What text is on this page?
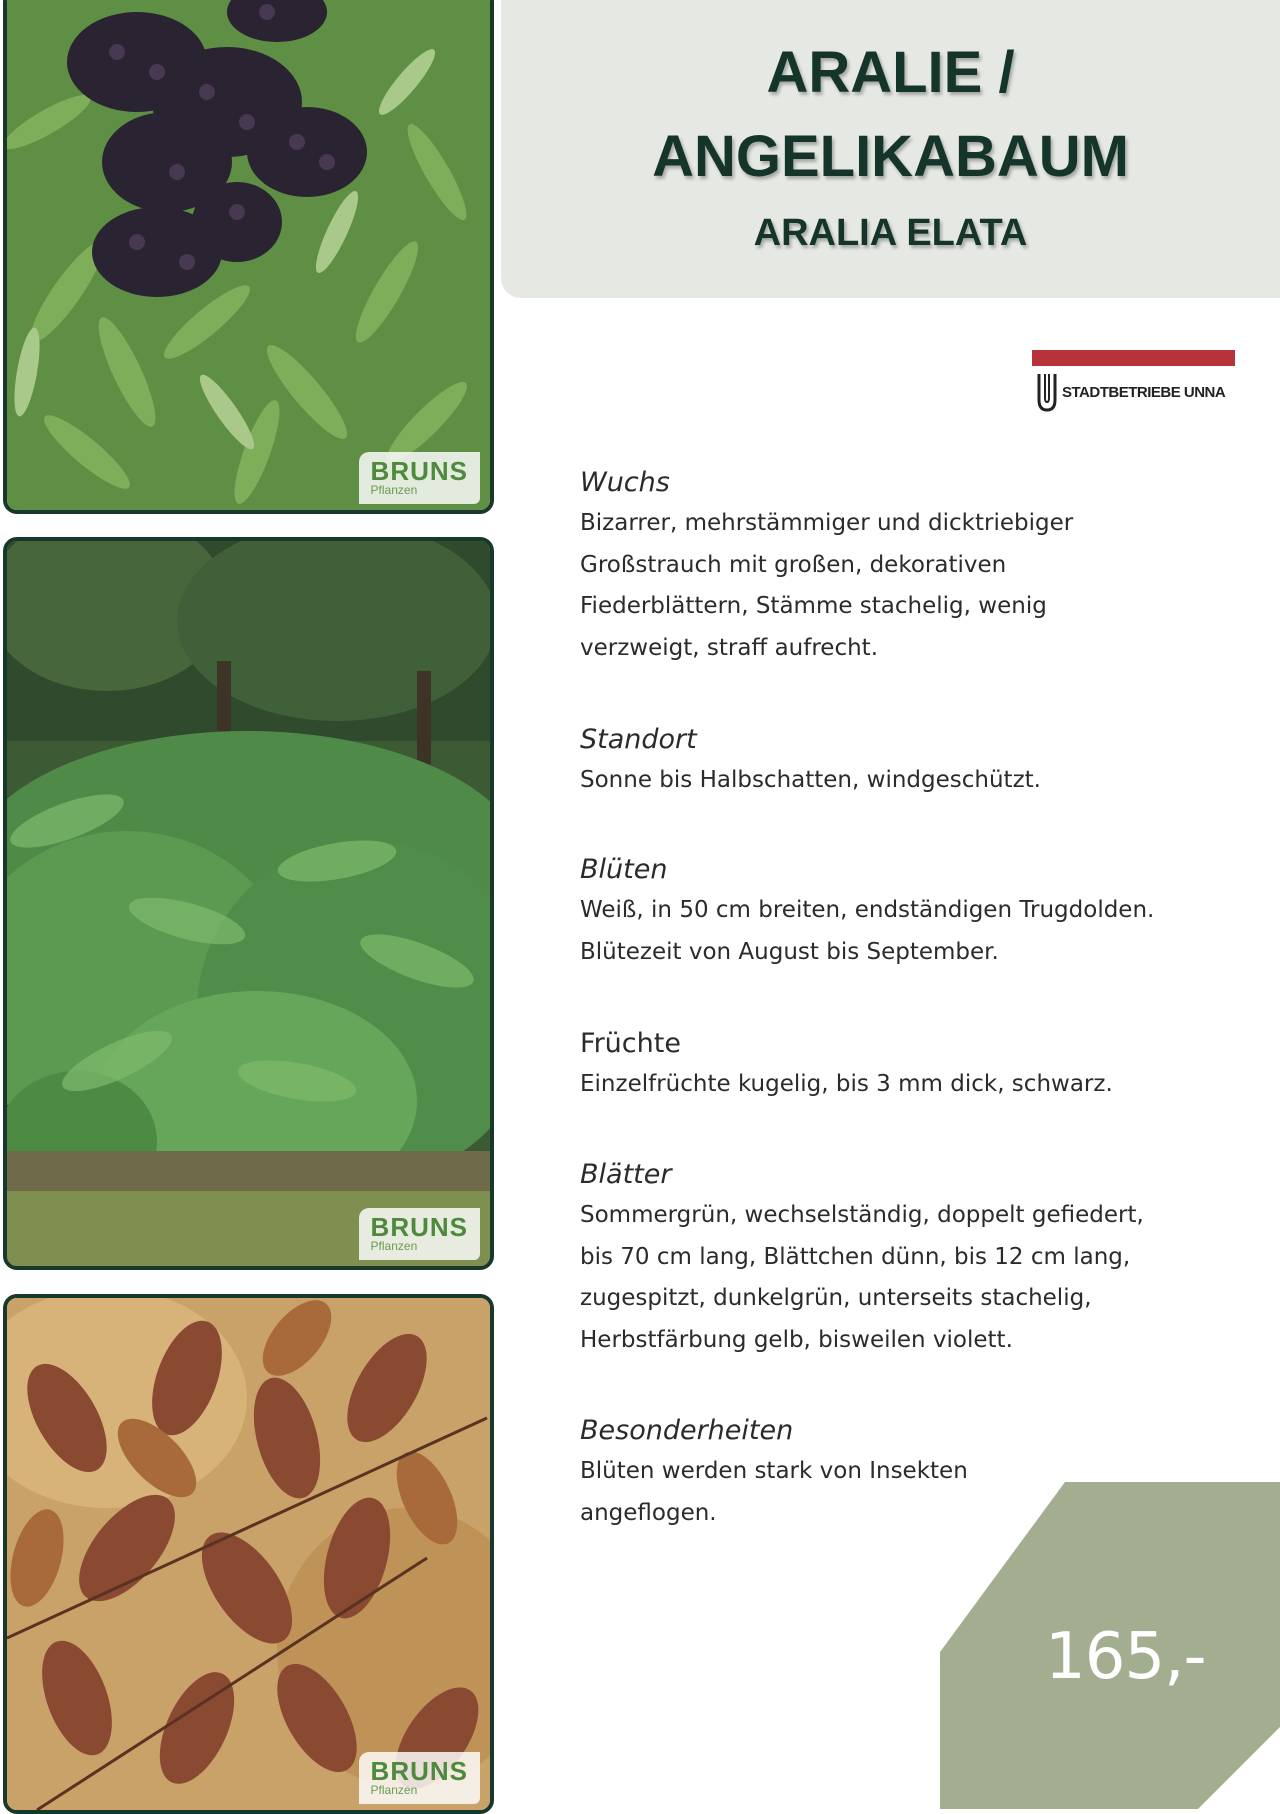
BRUNS
Pflanzen
BRUNS
Pflanzen
BRUNS
Pflanzen
ARALIE /
ANGELIKABAUM
ARALIA ELATA
STADTBETRIEBE UNNA
Wuchs
Bizarrer, mehrstämmiger und dicktriebiger
Großstrauch mit großen, dekorativen
Fiederblättern, Stämme stachelig, wenig
verzweigt, straff aufrecht.
Standort
Sonne bis Halbschatten, windgeschützt.
Blüten
Weiß, in 50 cm breiten, endständigen Trugdolden.
Blütezeit von August bis September.
Früchte
Einzelfrüchte kugelig, bis 3 mm dick, schwarz.
Blätter
Sommergrün, wechselständig, doppelt gefiedert,
bis 70 cm lang, Blättchen dünn, bis 12 cm lang,
zugespitzt, dunkelgrün, unterseits stachelig,
Herbstfärbung gelb, bisweilen violett.
Besonderheiten
Blüten werden stark von Insekten
angeflogen.
165,-
